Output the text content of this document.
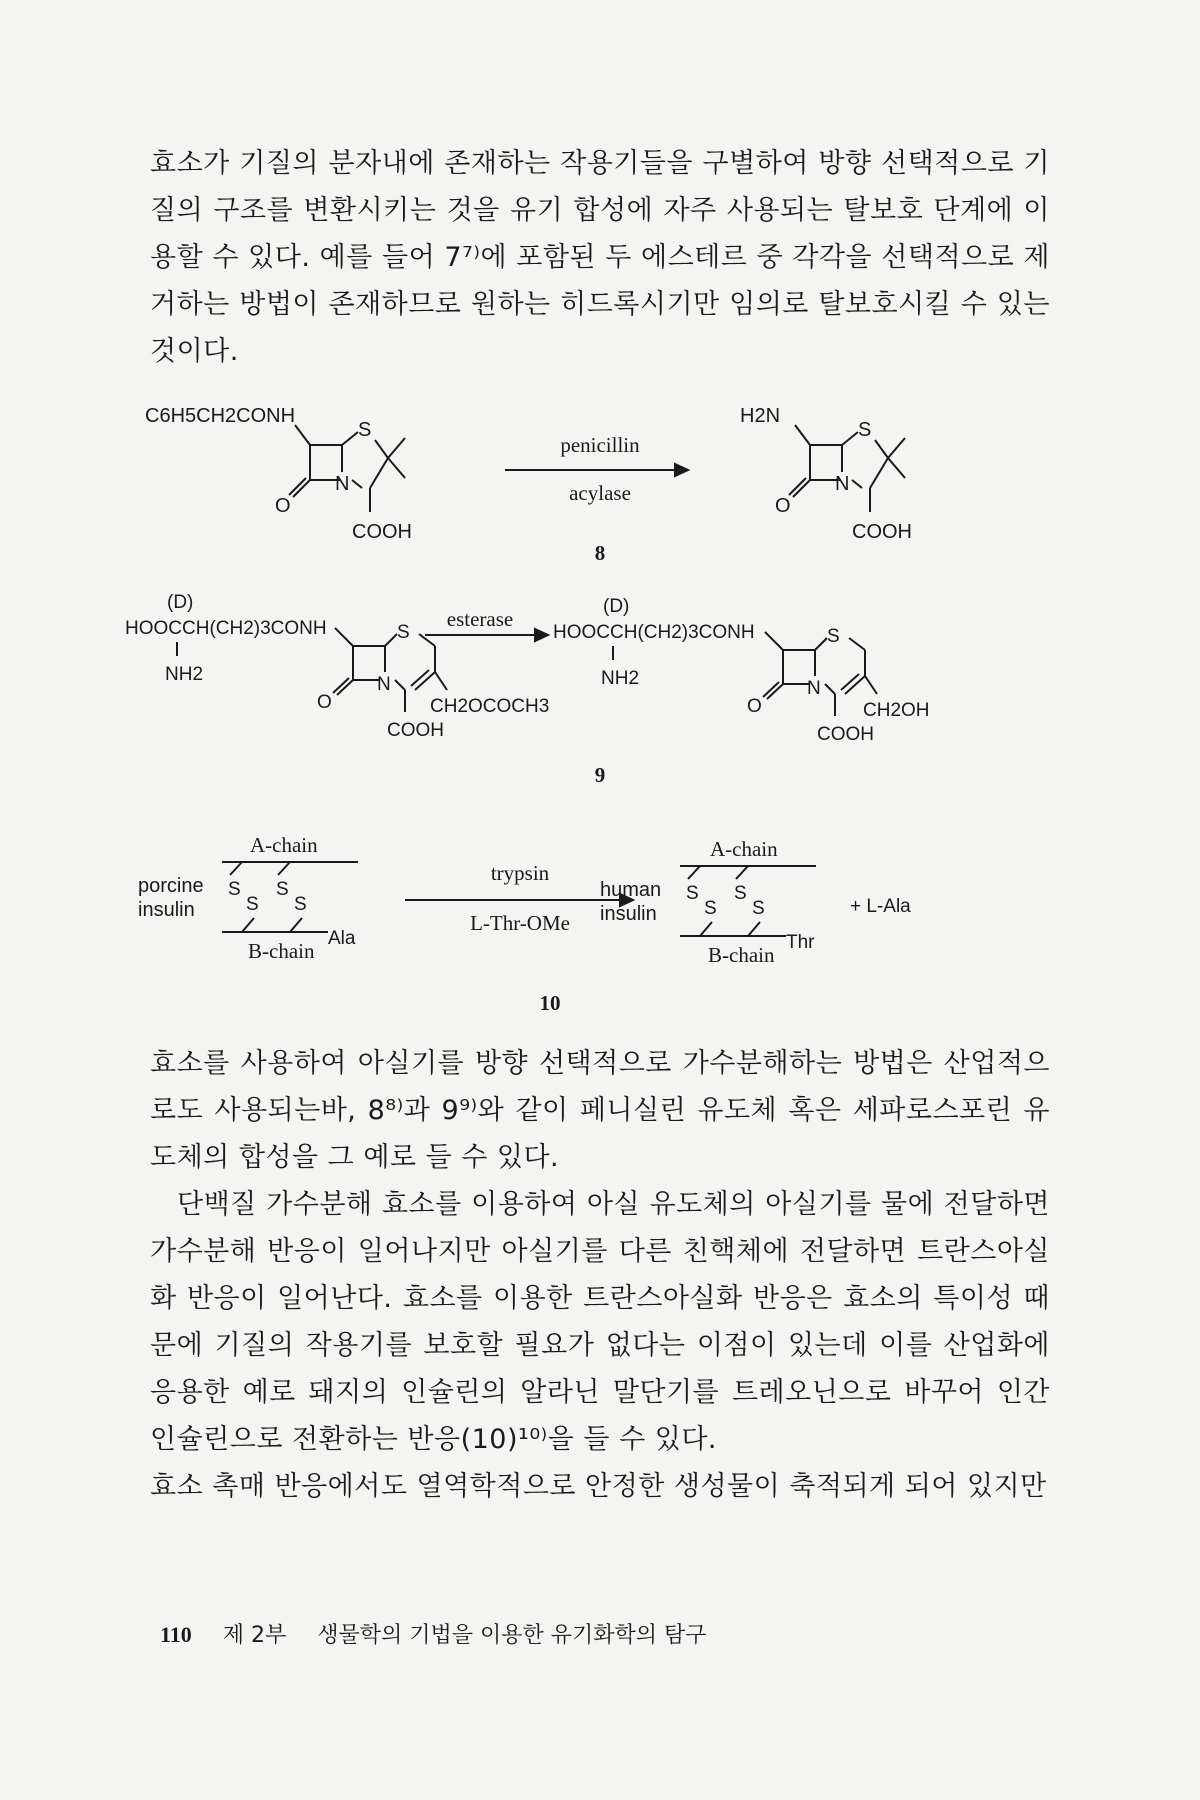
효소가 기질의 분자내에 존재하는 작용기들을 구별하여 방향 선택적으로 기질의 구조를 변환시키는 것을 유기 합성에 자주 사용되는 탈보호 단계에 이용할 수 있다. 예를 들어 7⁷⁾에 포함된 두 에스테르 중 각각을 선택적으로 제거하는 방법이 존재하므로 원하는 히드록시기만 임의로 탈보호시킬 수 있는 것이다.

C6H5CH2CONH
S
N
O
COOH
H2N
S
N
O
COOH
penicillin
acylase
8
(D)
HOOCCH(CH2)3CONH
NH2
S
N
O	CH2OCOCH3
COOH
(D)
HOOCCH(CH2)3CONH
NH2
S
N
O	CH2OH
COOH
esterase
9
S
S
S
S
Ala
S
S
S
S
Thr
+ L-Ala
A-chain
B-chain
A-chain
B-chain
trypsin
L-Thr-OMe
10
porcine
insulin
human
insulin

효소를 사용하여 아실기를 방향 선택적으로 가수분해하는 방법은 산업적으로도 사용되는바, 8⁸⁾과 9⁹⁾와 같이 페니실린 유도체 혹은 세파로스포린 유도체의 합성을 그 예로 들 수 있다.

단백질 가수분해 효소를 이용하여 아실 유도체의 아실기를 물에 전달하면 가수분해 반응이 일어나지만 아실기를 다른 친핵체에 전달하면 트란스아실화 반응이 일어난다. 효소를 이용한 트란스아실화 반응은 효소의 특이성 때문에 기질의 작용기를 보호할 필요가 없다는 이점이 있는데 이를 산업화에 응용한 예로 돼지의 인슐린의 알라닌 말단기를 트레오닌으로 바꾸어 인간 인슐린으로 전환하는 반응(10)¹⁰⁾을 들 수 있다.

효소 촉매 반응에서도 열역학적으로 안정한 생성물이 축적되게 되어 있지만

110 제 2부 생물학의 기법을 이용한 유기화학의 탐구
